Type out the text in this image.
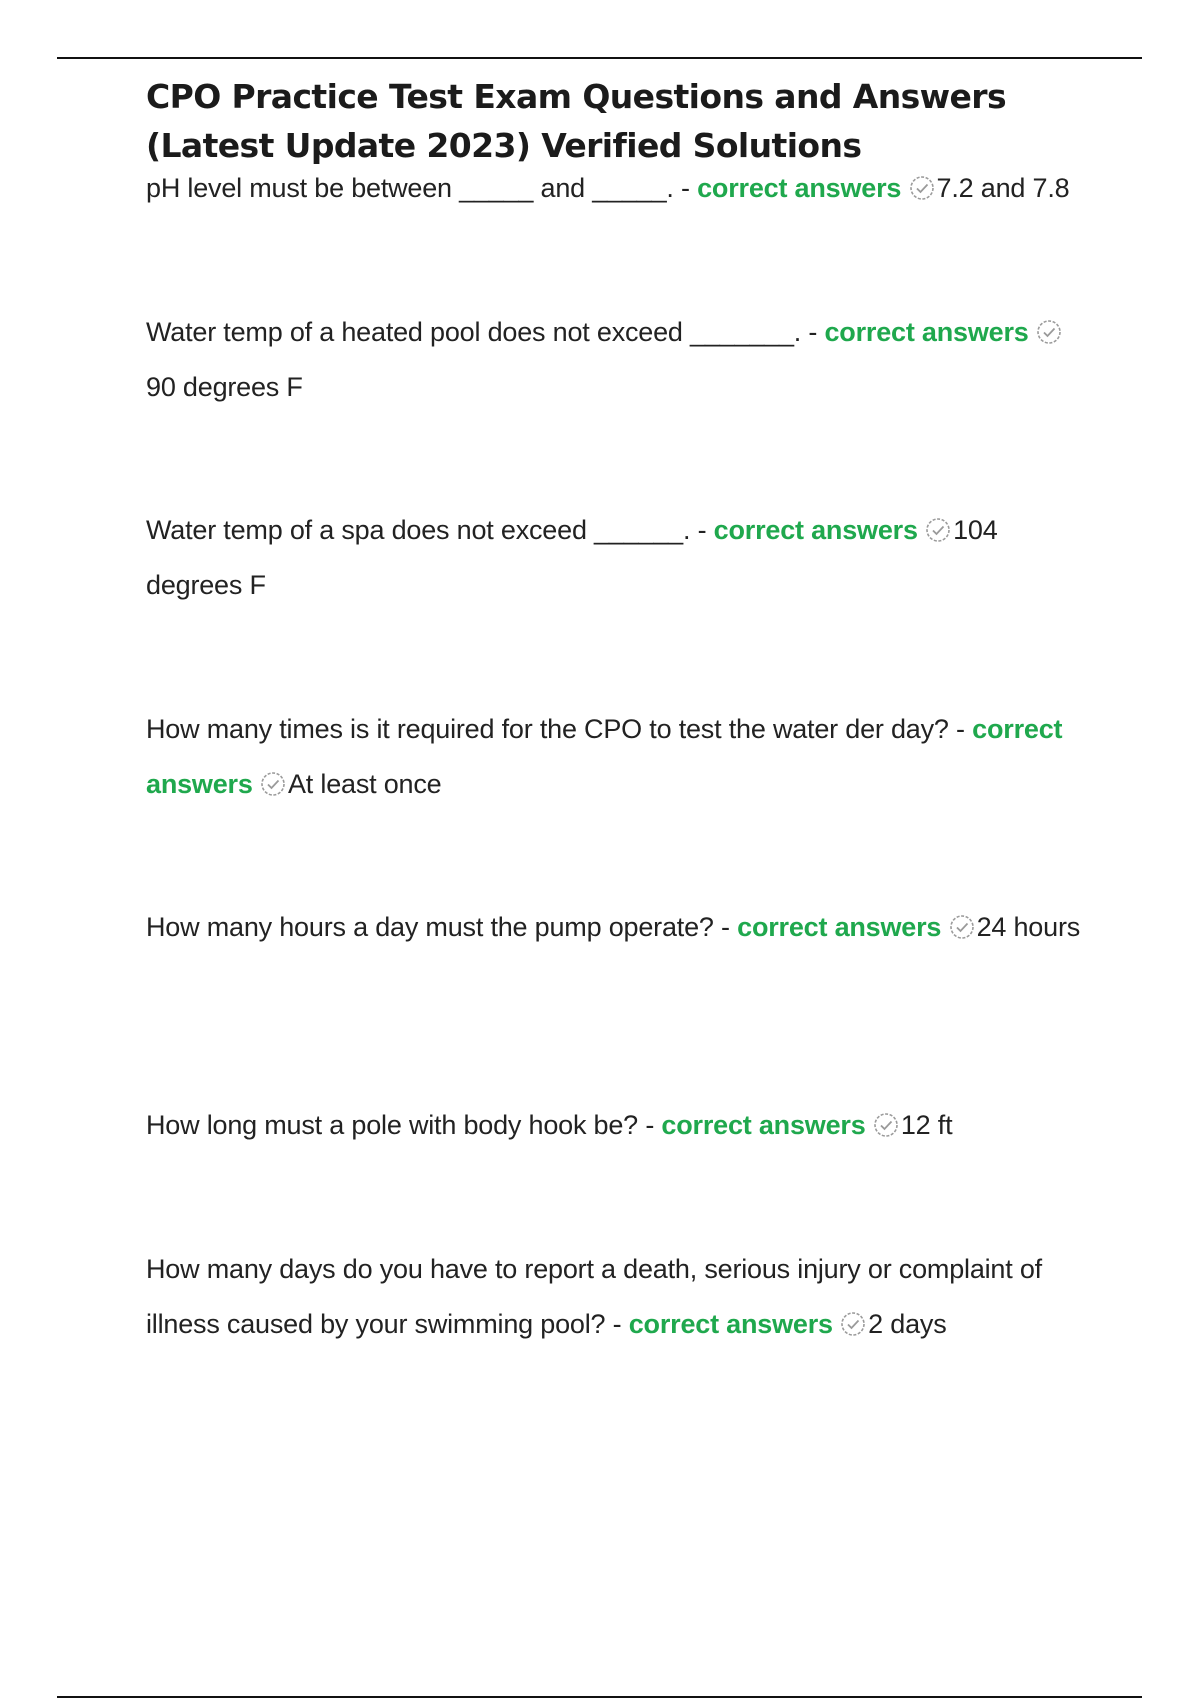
CPO Practice Test Exam Questions and Answers (Latest Update 2023) Verified Solutions
pH level must be between _____ and _____. - correct answers 7.2 and 7.8
Water temp of a heated pool does not exceed _______. - correct answers
90 degrees F
Water temp of a spa does not exceed ______. - correct answers 104 degrees F
How many times is it required for the CPO to test the water der day? - correct answers At least once
How many hours a day must the pump operate? - correct answers 24 hours
How long must a pole with body hook be? - correct answers 12 ft
How many days do you have to report a death, serious injury or complaint of illness caused by your swimming pool? - correct answers 2 days
